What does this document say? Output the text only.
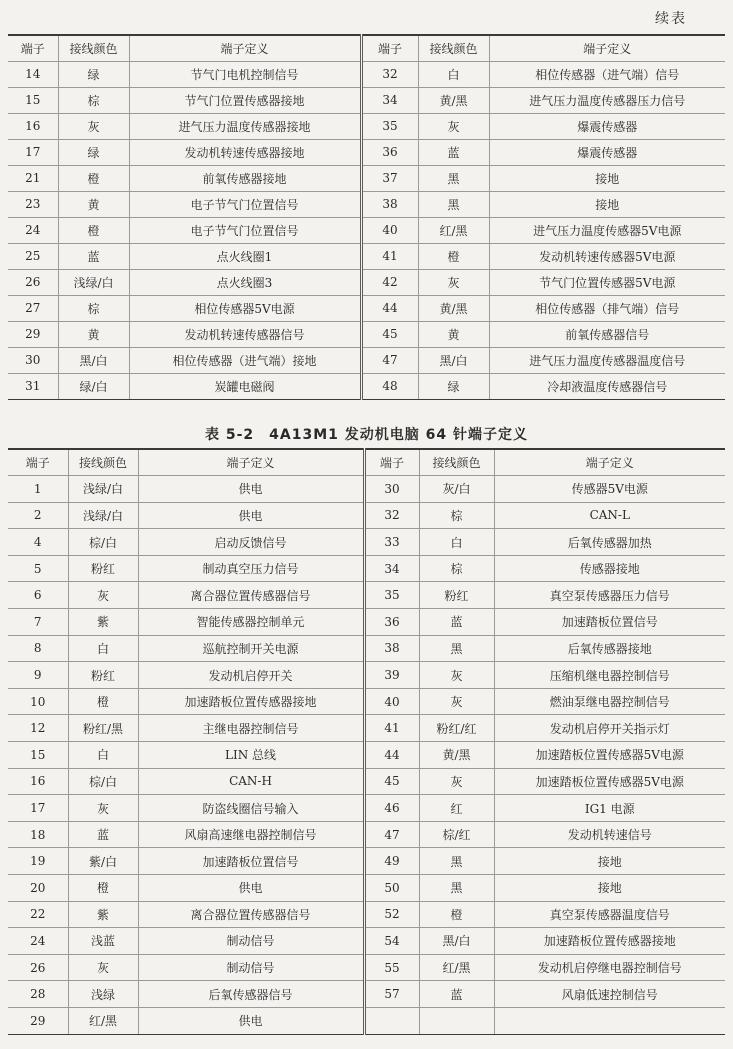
续表
端子	接线颜色	端子定义	端子	接线颜色	端子定义
14	绿	节气门电机控制信号	32	白	相位传感器（进气端）信号
15	棕	节气门位置传感器接地	34	黄/黑	进气压力温度传感器压力信号
16	灰	进气压力温度传感器接地	35	灰	爆震传感器
17	绿	发动机转速传感器接地	36	蓝	爆震传感器
21	橙	前氧传感器接地	37	黑	接地
23	黄	电子节气门位置信号	38	黑	接地
24	橙	电子节气门位置信号	40	红/黑	进气压力温度传感器5V电源
25	蓝	点火线圈1	41	橙	发动机转速传感器5V电源
26	浅绿/白	点火线圈3	42	灰	节气门位置传感器5V电源
27	棕	相位传感器5V电源	44	黄/黑	相位传感器（排气端）信号
29	黄	发动机转速传感器信号	45	黄	前氧传感器信号
30	黑/白	相位传感器（进气端）接地	47	黑/白	进气压力温度传感器温度信号
31	绿/白	炭罐电磁阀	48	绿	冷却液温度传感器信号
表 5-2　4A13M1 发动机电脑 64 针端子定义
端子	接线颜色	端子定义	端子	接线颜色	端子定义
1	浅绿/白	供电	30	灰/白	传感器5V电源
2	浅绿/白	供电	32	棕	CAN-L
4	棕/白	启动反馈信号	33	白	后氧传感器加热
5	粉红	制动真空压力信号	34	棕	传感器接地
6	灰	离合器位置传感器信号	35	粉红	真空泵传感器压力信号
7	紫	智能传感器控制单元	36	蓝	加速踏板位置信号
8	白	巡航控制开关电源	38	黑	后氧传感器接地
9	粉红	发动机启停开关	39	灰	压缩机继电器控制信号
10	橙	加速踏板位置传感器接地	40	灰	燃油泵继电器控制信号
12	粉红/黑	主继电器控制信号	41	粉红/红	发动机启停开关指示灯
15	白	LIN 总线	44	黄/黑	加速踏板位置传感器5V电源
16	棕/白	CAN-H	45	灰	加速踏板位置传感器5V电源
17	灰	防盗线圈信号输入	46	红	IG1 电源
18	蓝	风扇高速继电器控制信号	47	棕/红	发动机转速信号
19	紫/白	加速踏板位置信号	49	黑	接地
20	橙	供电	50	黑	接地
22	紫	离合器位置传感器信号	52	橙	真空泵传感器温度信号
24	浅蓝	制动信号	54	黑/白	加速踏板位置传感器接地
26	灰	制动信号	55	红/黑	发动机启停继电器控制信号
28	浅绿	后氧传感器信号	57	蓝	风扇低速控制信号
29	红/黑	供电			
